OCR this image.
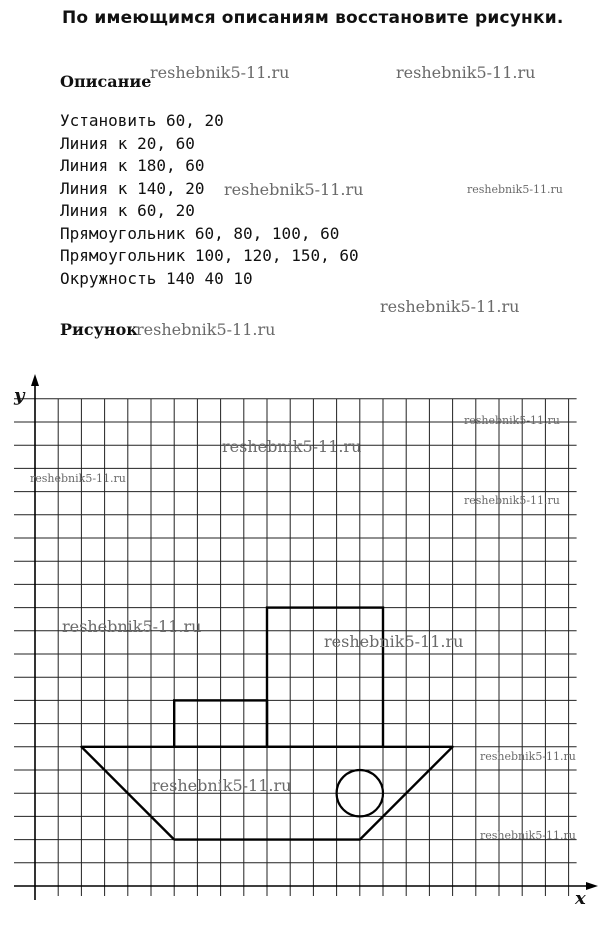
По имеющимся описаниям восстановите рисунки.
Описание
Установить 60, 20
Линия к 20, 60
Линия к 180, 60
Линия к 140, 20
Линия к 60, 20
Прямоугольник 60, 80, 100, 60
Прямоугольник 100, 120, 150, 60
Окружность 140 40 10
Рисунок
y
x
reshebnik5-11.ru	reshebnik5-11.ru
reshebnik5-11.ru	reshebnik5-11.ru
reshebnik5-11.ru
reshebnik5-11.ru
reshebnik5-11.ru
reshebnik5-11.ru
reshebnik5-11.ru
reshebnik5-11.ru
reshebnik5-11.ru
reshebnik5-11.ru
reshebnik5-11.ru
reshebnik5-11.ru
reshebnik5-11.ru
